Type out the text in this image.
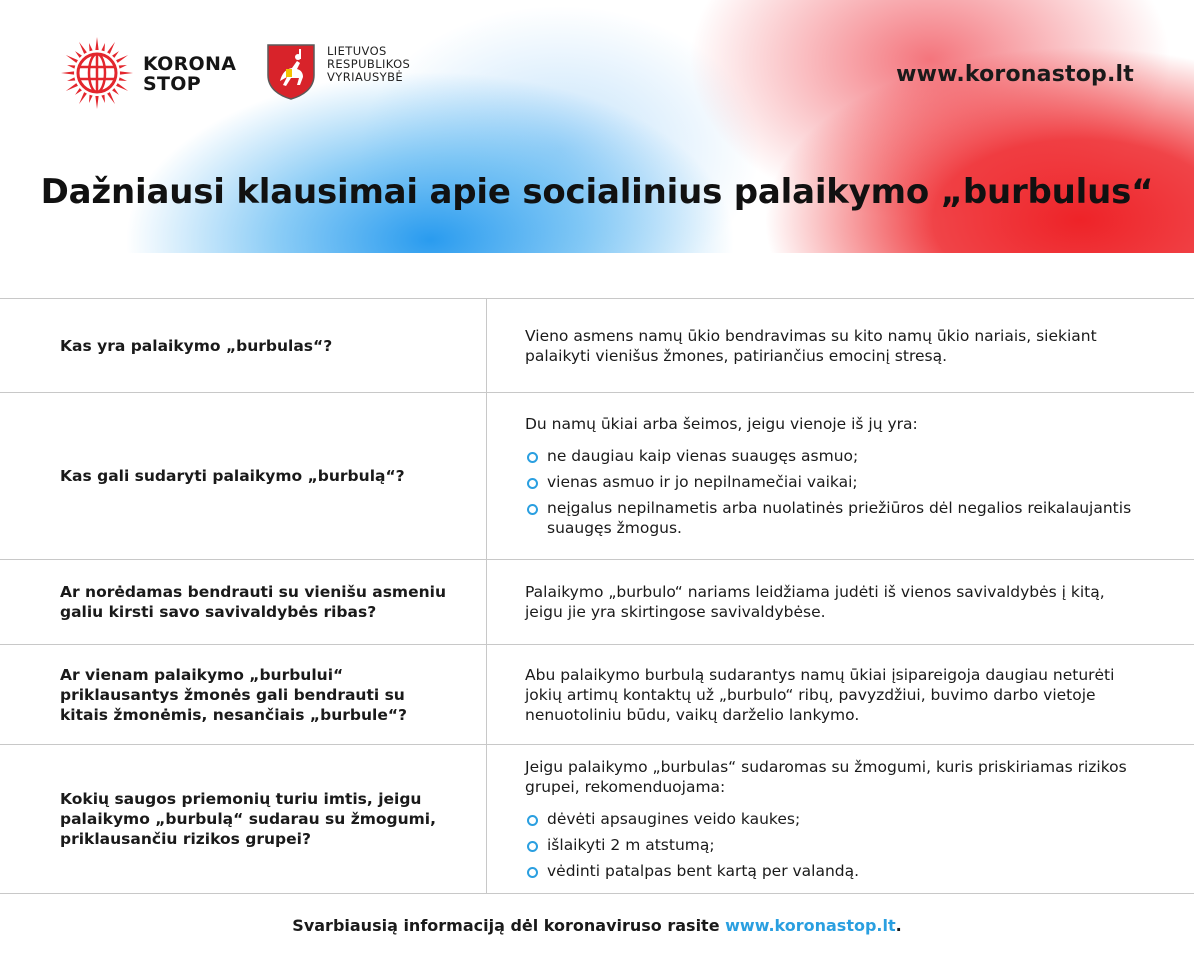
KORONA
STOP
LIETUVOS
RESPUBLIKOS
VYRIAUSYBĖ	www.koronastop.lt
Dažniausi klausimai apie socialinius palaikymo „burbulus“
Kas yra palaikymo „burbulas“?
Vieno asmens namų ūkio bendravimas su kito namų ūkio nariais, siekiant palaikyti vienišus žmones, patiriančius emocinį stresą.
Kas gali sudaryti palaikymo „burbulą“?
Du namų ūkiai arba šeimos, jeigu vienoje iš jų yra:
ne daugiau kaip vienas suaugęs asmuo;
vienas asmuo ir jo nepilnamečiai vaikai;
neįgalus nepilnametis arba nuolatinės priežiūros dėl negalios reikalaujantis suaugęs žmogus.
Ar norėdamas bendrauti su vienišu asmeniu galiu kirsti savo savivaldybės ribas?
Palaikymo „burbulo“ nariams leidžiama judėti iš vienos savivaldybės į kitą, jeigu jie yra skirtingose savivaldybėse.
Ar vienam palaikymo „burbului“ priklausantys žmonės gali bendrauti su kitais žmonėmis, nesančiais „burbule“?
Abu palaikymo burbulą sudarantys namų ūkiai įsipareigoja daugiau neturėti jokių artimų kontaktų už „burbulo“ ribų, pavyzdžiui, buvimo darbo vietoje nenuotoliniu būdu, vaikų darželio lankymo.
Kokių saugos priemonių turiu imtis, jeigu palaikymo „burbulą“ sudarau su žmogumi, priklausančiu rizikos grupei?
Jeigu palaikymo „burbulas“ sudaromas su žmogumi, kuris priskiriamas rizikos grupei, rekomenduojama:
dėvėti apsaugines veido kaukes;
išlaikyti 2 m atstumą;
vėdinti patalpas bent kartą per valandą.
Svarbiausią informaciją dėl koronaviruso rasite www.koronastop.lt.
